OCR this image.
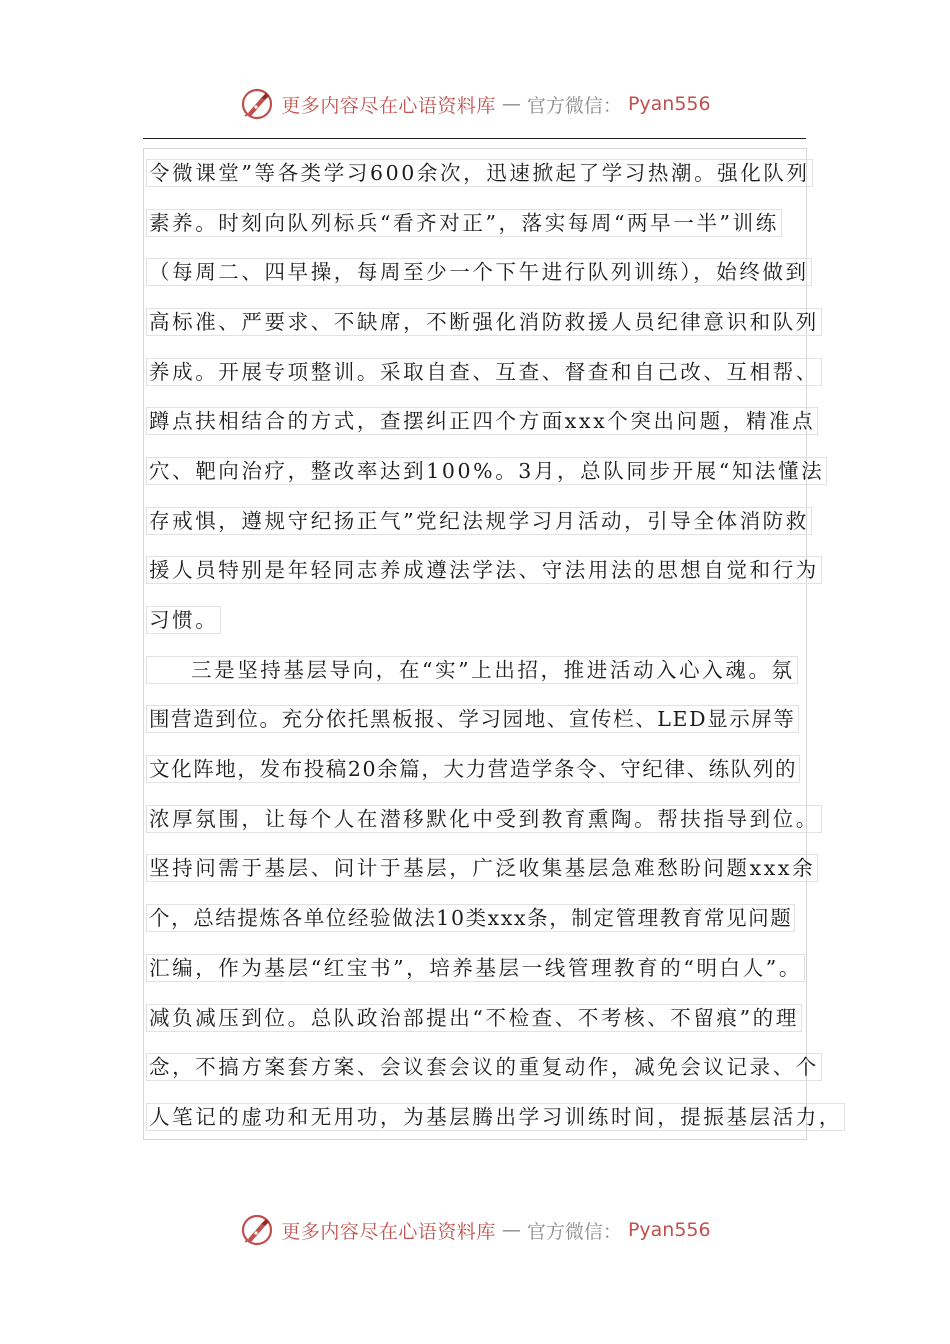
更多内容尽在心语资料库 — 官方微信： Pyan556
令微课堂”等各类学习600余次，迅速掀起了学习热潮。强化队列
素养。时刻向队列标兵“看齐对正”，落实每周“两早一半”训练
（每周二、四早操，每周至少一个下午进行队列训练），始终做到
高标准、严要求、不缺席，不断强化消防救援人员纪律意识和队列
养成。开展专项整训。采取自查、互查、督查和自己改、互相帮、
蹲点扶相结合的方式，查摆纠正四个方面xxx个突出问题，精准点
穴、靶向治疗，整改率达到100%。3月，总队同步开展“知法懂法
存戒惧，遵规守纪扬正气”党纪法规学习月活动，引导全体消防救
援人员特别是年轻同志养成遵法学法、守法用法的思想自觉和行为
习惯。
三是坚持基层导向，在“实”上出招，推进活动入心入魂。氛
围营造到位。充分依托黑板报、学习园地、宣传栏、LED显示屏等
文化阵地，发布投稿20余篇，大力营造学条令、守纪律、练队列的
浓厚氛围，让每个人在潜移默化中受到教育熏陶。帮扶指导到位。
坚持问需于基层、问计于基层，广泛收集基层急难愁盼问题xxx余
个，总结提炼各单位经验做法10类xxx条，制定管理教育常见问题
汇编，作为基层“红宝书”，培养基层一线管理教育的“明白人”。
减负减压到位。总队政治部提出“不检查、不考核、不留痕”的理
念，不搞方案套方案、会议套会议的重复动作，减免会议记录、个
人笔记的虚功和无用功，为基层腾出学习训练时间，提振基层活力，
更多内容尽在心语资料库 — 官方微信： Pyan556
